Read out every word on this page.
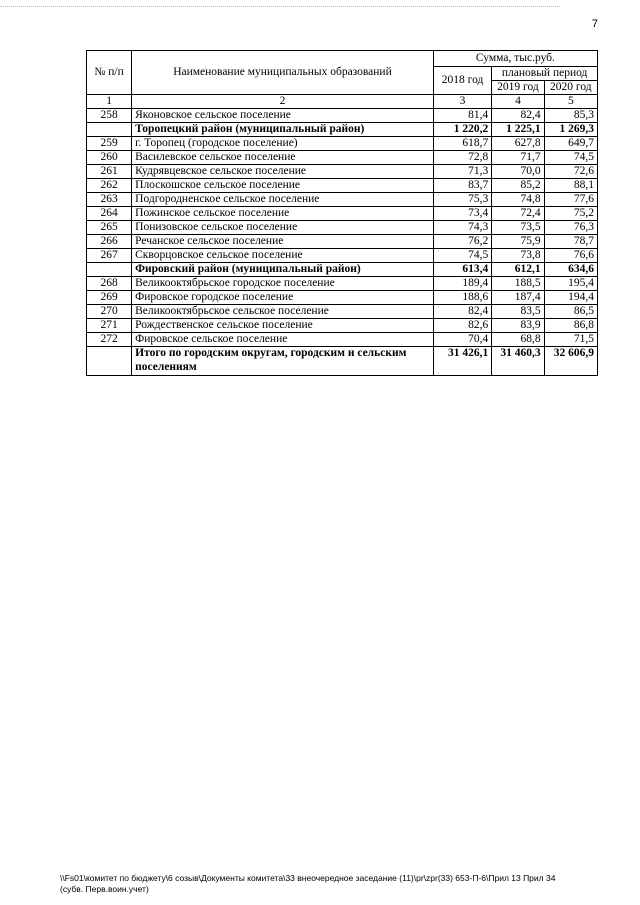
7
№ п/п	Наименование муниципальных образований	Сумма, тыс.руб.		
		2018 год	плановый период	
			2019 год	2020 год
1	2	3	4	5
258	Яконовское сельское поселение	81,4	82,4	85,3
	Торопецкий район (муниципальный район)	1 220,2	1 225,1	1 269,3
259	г. Торопец (городское поселение)	618,7	627,8	649,7
260	Василевское сельское поселение	72,8	71,7	74,5
261	Кудрявцевское сельское поселение	71,3	70,0	72,6
262	Плоскошское сельское поселение	83,7	85,2	88,1
263	Подгородненское сельское поселение	75,3	74,8	77,6
264	Пожинское сельское поселение	73,4	72,4	75,2
265	Понизовское сельское поселение	74,3	73,5	76,3
266	Речанское сельское поселение	76,2	75,9	78,7
267	Скворцовское сельское поселение	74,5	73,8	76,6
	Фировский район (муниципальный район)	613,4	612,1	634,6
268	Великооктябрьское городское поселение	189,4	188,5	195,4
269	Фировское городское поселение	188,6	187,4	194,4
270	Великооктябрьское сельское поселение	82,4	83,5	86,5
271	Рождественское сельское поселение	82,6	83,9	86,8
272	Фировское сельское поселение	70,4	68,8	71,5
	Итого по городским округам, городским и сельским поселениям	31 426,1	31 460,3	32 606,9
\\Fs01\комитет по бюджету\6 созыв\Документы комитета\33 внеочередное заседание (11)\pr\zpr(33) 653-П-6\Прил 13 Прил 34 (субв. Перв.воин.учет)
